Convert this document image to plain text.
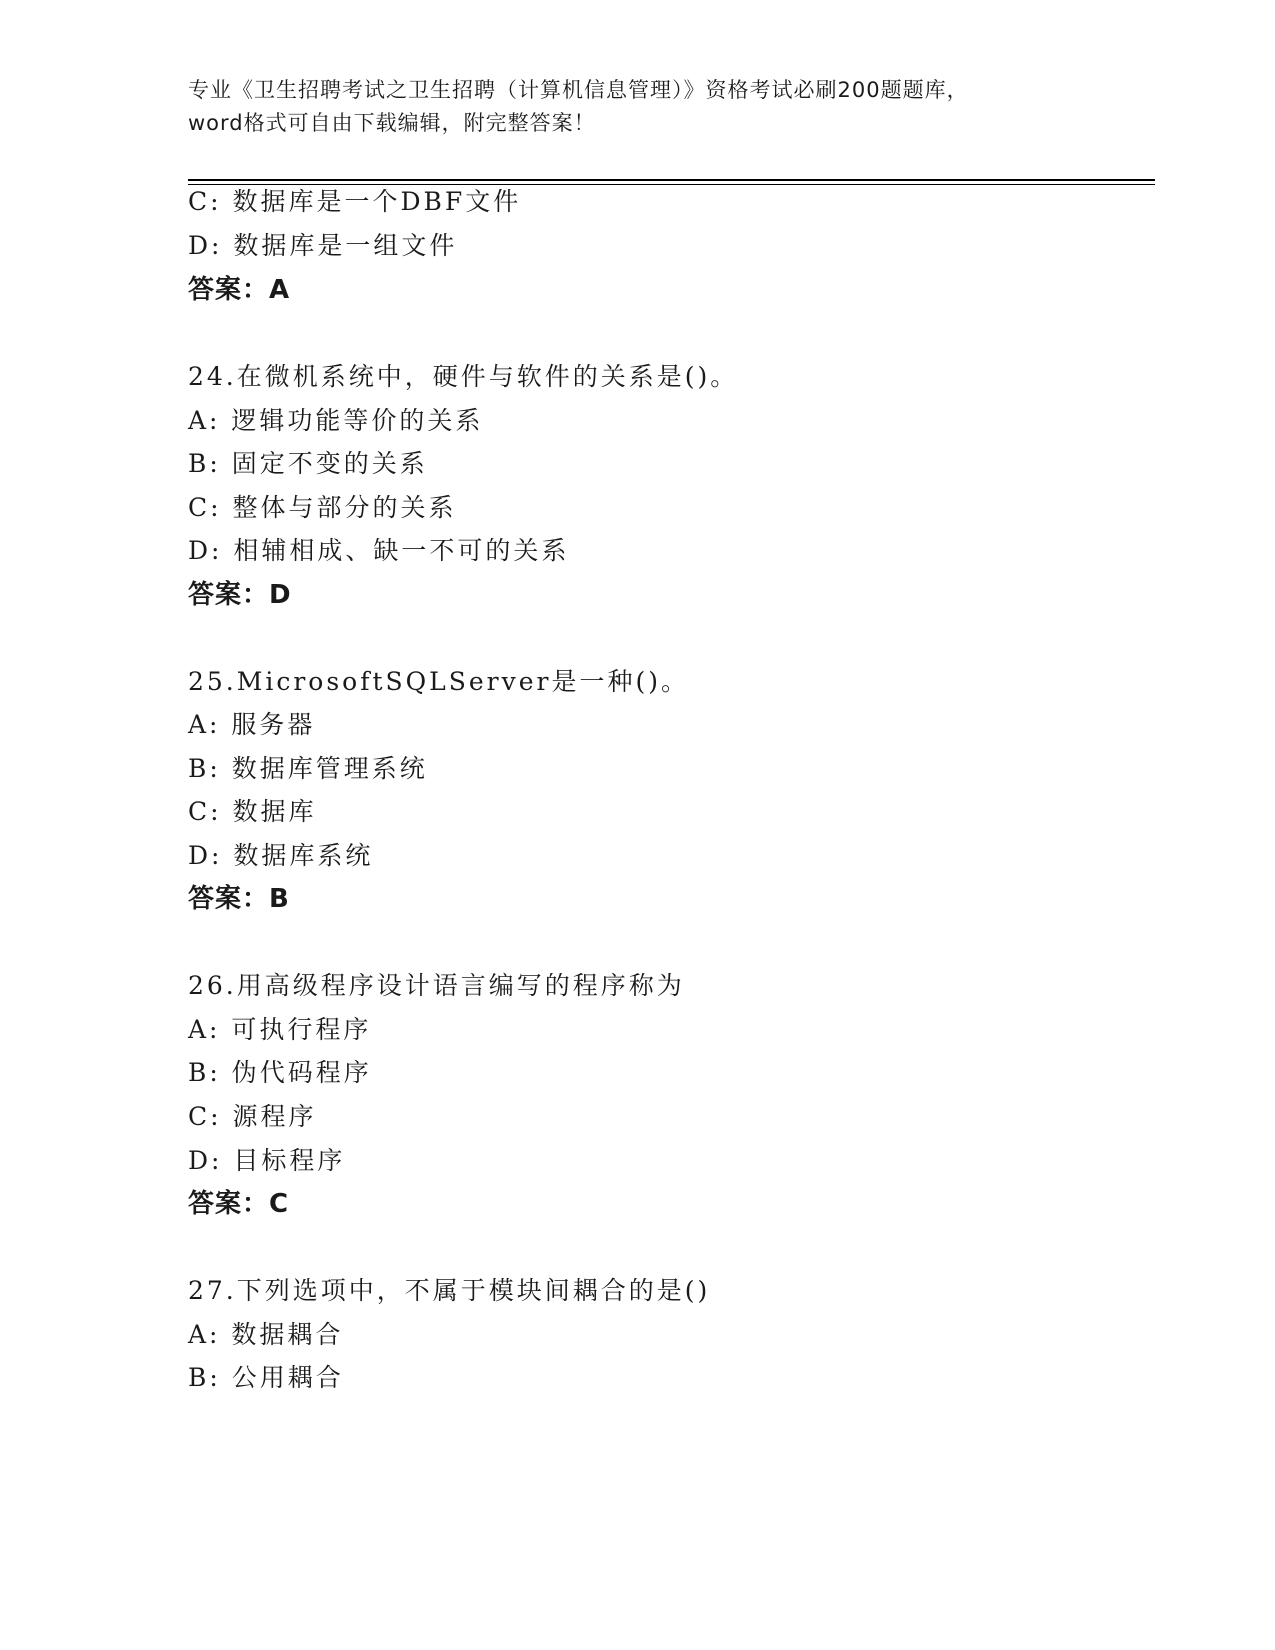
专业《卫生招聘考试之卫生招聘（计算机信息管理）》资格考试必刷200题题库，
word格式可自由下载编辑，附完整答案！
C: 数据库是一个DBF文件
D: 数据库是一组文件
答案：A
24.在微机系统中，硬件与软件的关系是()。
A: 逻辑功能等价的关系
B: 固定不变的关系
C: 整体与部分的关系
D: 相辅相成、缺一不可的关系
答案：D
25.MicrosoftSQLServer是一种()。
A: 服务器
B: 数据库管理系统
C: 数据库
D: 数据库系统
答案：B
26.用高级程序设计语言编写的程序称为
A: 可执行程序
B: 伪代码程序
C: 源程序
D: 目标程序
答案：C
27.下列选项中，不属于模块间耦合的是()
A: 数据耦合
B: 公用耦合
